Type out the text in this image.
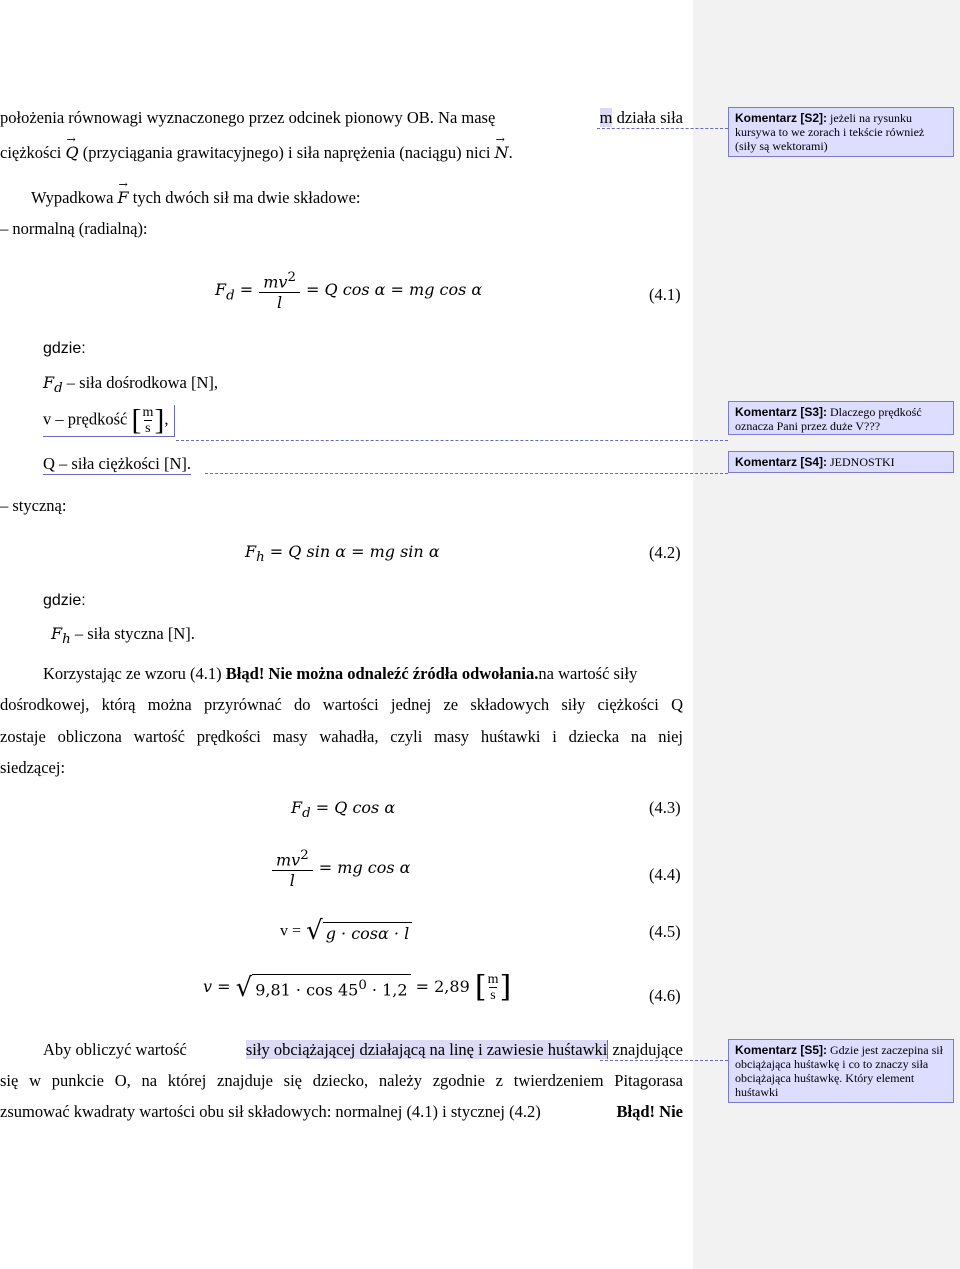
położenia równowagi wyznaczonego przez odcinek pionowy OB. Na masę	m działa siła
ciężkości Q → (przyciągania grawitacyjnego) i siła naprężenia (naciągu) nici N →.
Wypadkowa F → tych dwóch sił ma dwie składowe:
– normalną (radialną):
$F_d = \frac{mv^2}{l} = Q$ cos α = mg cos α	(4.1)
gdzie:
$F_d$ – siła dośrodkowa [N],
v – prędkość [ $\frac{m}{s}$ ],
Q – siła ciężkości [N].
– styczną:
$F_h = Q$ sin α = mg sin α	(4.2)
gdzie:
$F_h$ – siła styczna [N].
Korzystając ze wzoru (4.1) Błąd! Nie można odnaleźć źródła odwołania.na wartość siły
dośrodkowej, którą można przyrównać do wartości jednej ze składowych siły ciężkości Q
zostaje obliczona wartość prędkości masy wahadła, czyli masy huśtawki i dziecka na niej
siedzącej:
$F_d = Q$ cos α	(4.3)
$\frac{mv^2}{l}$ = mg cos α	(4.4)
v = √ g · cosα · l	(4.5)
v = √ $9,81 \cdot \cos 45^0 \cdot 1,2 = 2,89$ [ $\frac{m}{s}$ ]	(4.6)
Aby obliczyć wartość	siły obciążającej działającą na linę i zawiesie huśtawki znajdujące
się w punkcie O, na której znajduje się dziecko, należy zgodnie z twierdzeniem Pitagorasa
zsumować kwadraty wartości obu sił składowych: normalnej (4.1) i stycznej (4.2)	Błąd! Nie
Komentarz [S2]: jeżeli na rysunku kursywa to we zorach i tekście również (siły są wektorami)
Komentarz [S3]: Dlaczego prędkość oznacza Pani przez duże V???
Komentarz [S4]: JEDNOSTKI
Komentarz [S5]: Gdzie jest zaczepina sił obciążająca huśtawkę i co to znaczy siła obciążająca huśtawkę. Który element huśtawki
